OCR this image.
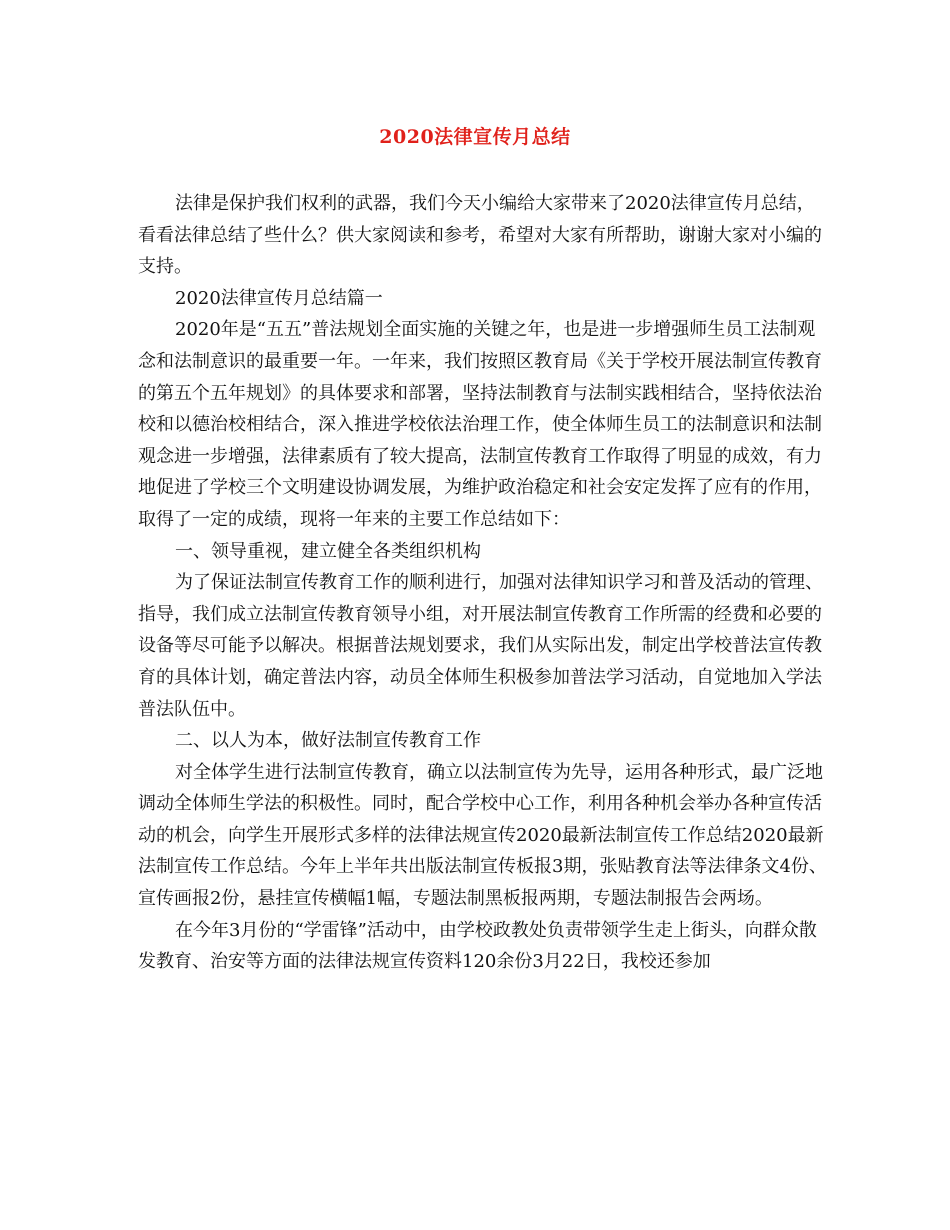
2020法律宣传月总结

法律是保护我们权利的武器，我们今天小编给大家带来了2020法律宣传月总结，看看法律总结了些什么？供大家阅读和参考，希望对大家有所帮助，谢谢大家对小编的支持。

2020法律宣传月总结篇一

2020年是“五五”普法规划全面实施的关键之年，也是进一步增强师生员工法制观念和法制意识的最重要一年。一年来，我们按照区教育局《关于学校开展法制宣传教育的第五个五年规划》的具体要求和部署，坚持法制教育与法制实践相结合，坚持依法治校和以德治校相结合，深入推进学校依法治理工作，使全体师生员工的法制意识和法制观念进一步增强，法律素质有了较大提高，法制宣传教育工作取得了明显的成效，有力地促进了学校三个文明建设协调发展，为维护政治稳定和社会安定发挥了应有的作用，取得了一定的成绩，现将一年来的主要工作总结如下：

一、领导重视，建立健全各类组织机构

为了保证法制宣传教育工作的顺利进行，加强对法律知识学习和普及活动的管理、指导，我们成立法制宣传教育领导小组，对开展法制宣传教育工作所需的经费和必要的设备等尽可能予以解决。根据普法规划要求，我们从实际出发，制定出学校普法宣传教育的具体计划，确定普法内容，动员全体师生积极参加普法学习活动，自觉地加入学法普法队伍中。

二、以人为本，做好法制宣传教育工作

对全体学生进行法制宣传教育，确立以法制宣传为先导，运用各种形式，最广泛地调动全体师生学法的积极性。同时，配合学校中心工作，利用各种机会举办各种宣传活动的机会，向学生开展形式多样的法律法规宣传2020最新法制宣传工作总结2020最新法制宣传工作总结。今年上半年共出版法制宣传板报3期，张贴教育法等法律条文4份、宣传画报2份，悬挂宣传横幅1幅，专题法制黑板报两期，专题法制报告会两场。

在今年3月份的“学雷锋”活动中，由学校政教处负责带领学生走上街头，向群众散发教育、治安等方面的法律法规宣传资料120余份3月22日，我校还参加
